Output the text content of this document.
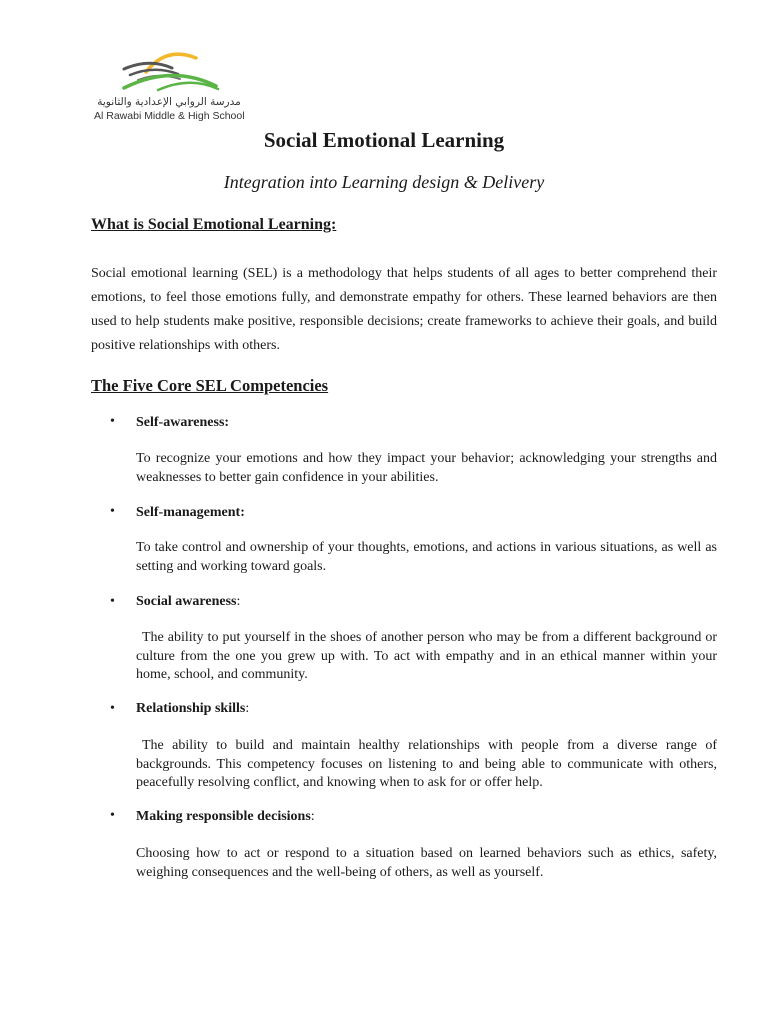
مدرسة الروابي الإعدادية والثانوية
Al Rawabi Middle & High School
Social Emotional Learning
Integration into Learning design & Delivery
What is Social Emotional Learning:

Social emotional learning (SEL) is a methodology that helps students of all ages to better comprehend their emotions, to feel those emotions fully, and demonstrate empathy for others. These learned behaviors are then used to help students make positive, responsible decisions; create frameworks to achieve their goals, and build positive relationships with others.

The Five Core SEL Competencies
• Self-awareness:

To recognize your emotions and how they impact your behavior; acknowledging your strengths and weaknesses to better gain confidence in your abilities.

• Self-management:

To take control and ownership of your thoughts, emotions, and actions in various situations, as well as setting and working toward goals.

• Social awareness:

The ability to put yourself in the shoes of another person who may be from a different background or culture from the one you grew up with. To act with empathy and in an ethical manner within your home, school, and community.

• Relationship skills:

The ability to build and maintain healthy relationships with people from a diverse range of backgrounds. This competency focuses on listening to and being able to communicate with others, peacefully resolving conflict, and knowing when to ask for or offer help.

• Making responsible decisions:

Choosing how to act or respond to a situation based on learned behaviors such as ethics, safety, weighing consequences and the well-being of others, as well as yourself.
